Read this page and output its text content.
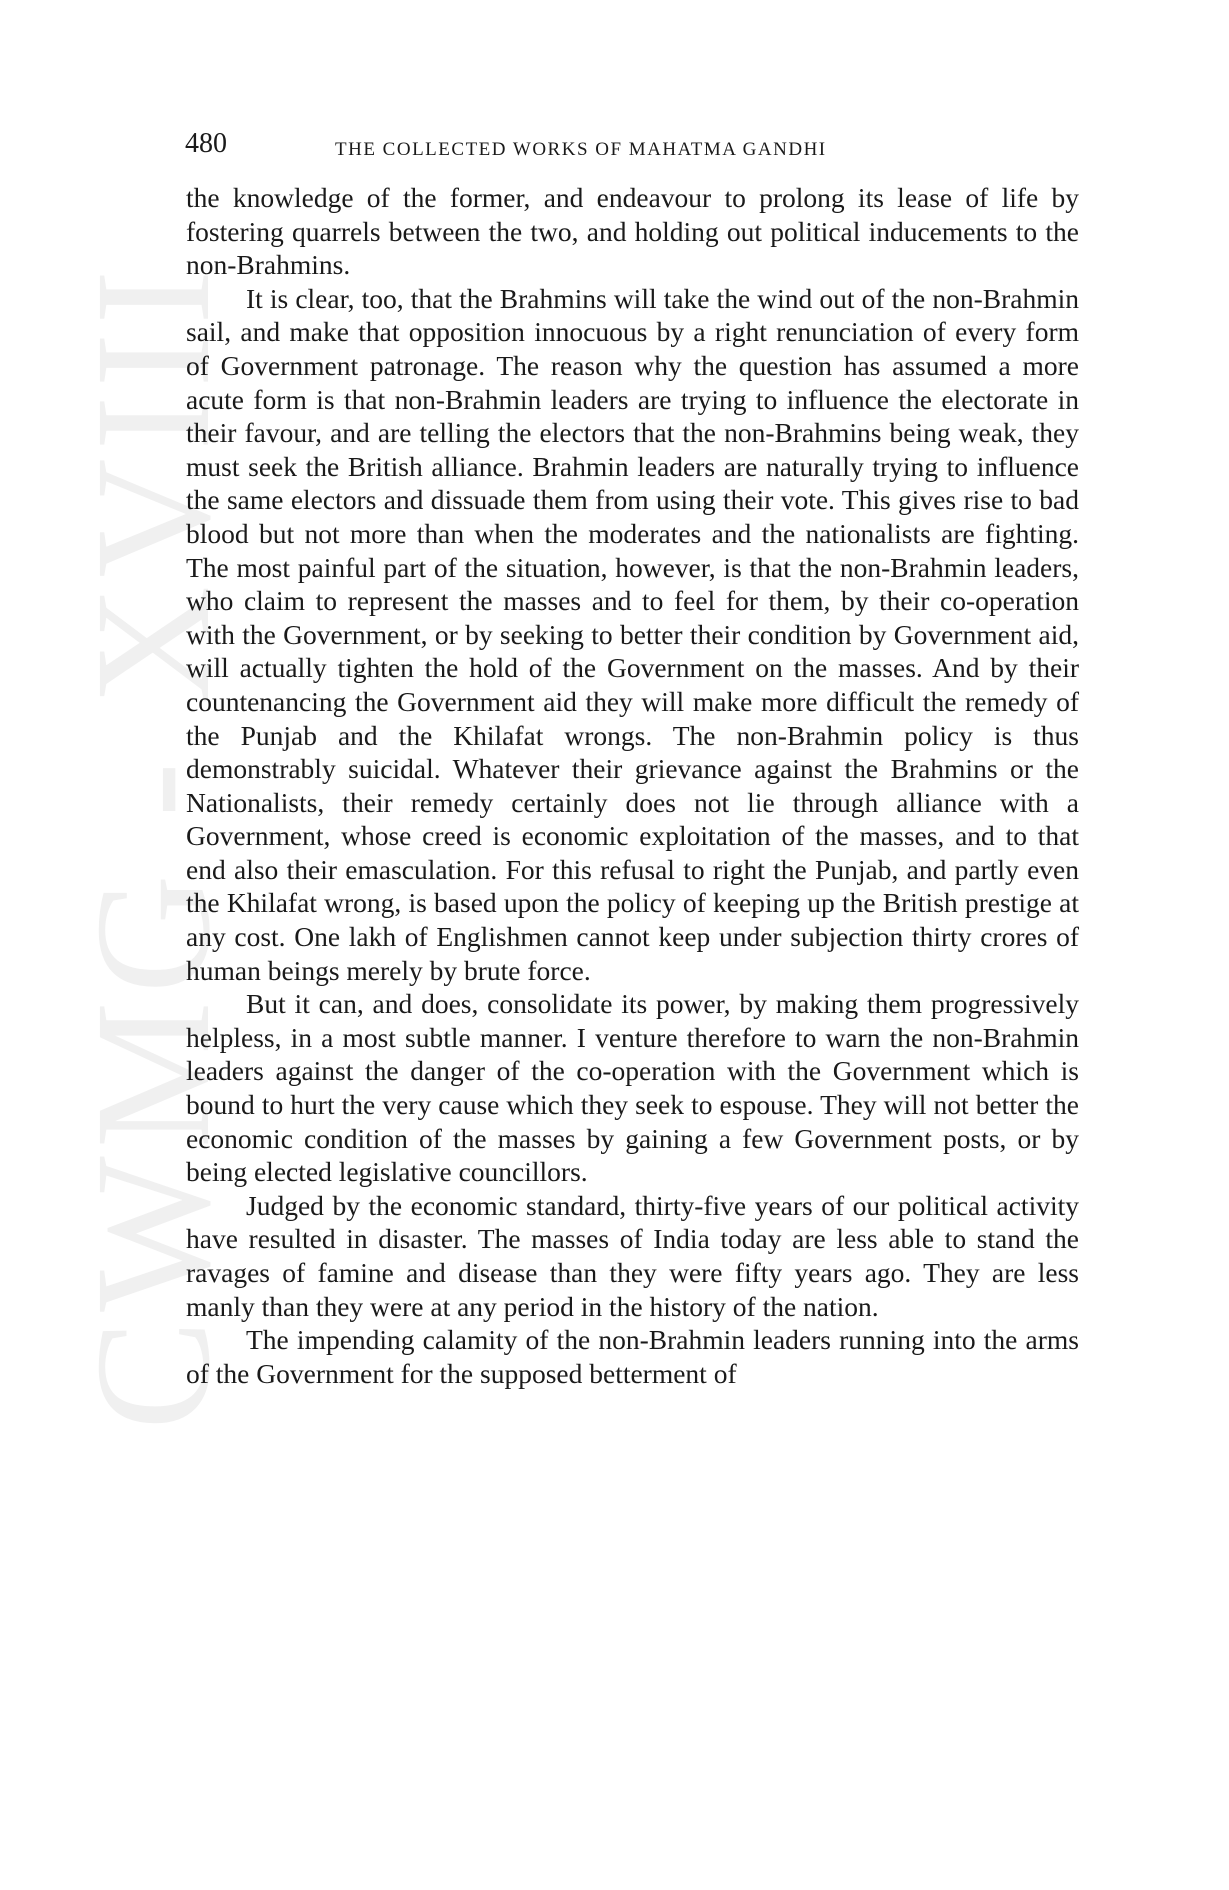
CWMG - XVIII
480	THE COLLECTED WORKS OF MAHATMA GANDHI

the knowledge of the former, and endeavour to prolong its lease of life by fostering quarrels between the two, and holding out political inducements to the non-Brahmins.

It is clear, too, that the Brahmins will take the wind out of the non-Brahmin sail, and make that opposition innocuous by a right renunciation of every form of Government patronage. The reason why the question has assumed a more acute form is that non-Brahmin leaders are trying to influence the electorate in their favour, and are telling the electors that the non-Brahmins being weak, they must seek the British alliance. Brahmin leaders are naturally trying to influence the same electors and dissuade them from using their vote. This gives rise to bad blood but not more than when the moderates and the nationalists are fighting. The most painful part of the situation, however, is that the non-Brahmin leaders, who claim to represent the masses and to feel for them, by their co-operation with the Government, or by seeking to better their condition by Government aid, will actually tighten the hold of the Government on the masses. And by their countenancing the Government aid they will make more difficult the remedy of the Punjab and the Khilafat wrongs. The non-Brahmin policy is thus demonstrably suicidal. Whatever their grievance against the Brahmins or the Nationalists, their remedy certainly does not lie through alliance with a Government, whose creed is economic exploitation of the masses, and to that end also their emasculation. For this refusal to right the Punjab, and partly even the Khilafat wrong, is based upon the policy of keeping up the British prestige at any cost. One lakh of Englishmen cannot keep under subjection thirty crores of human beings merely by brute force.

But it can, and does, consolidate its power, by making them progressively helpless, in a most subtle manner. I venture therefore to warn the non-Brahmin leaders against the danger of the co-operation with the Government which is bound to hurt the very cause which they seek to espouse. They will not better the economic condition of the masses by gaining a few Government posts, or by being elected legislative councillors.

Judged by the economic standard, thirty-five years of our political activity have resulted in disaster. The masses of India today are less able to stand the ravages of famine and disease than they were fifty years ago. They are less manly than they were at any period in the history of the nation.

The impending calamity of the non-Brahmin leaders running into the arms of the Government for the supposed betterment of
